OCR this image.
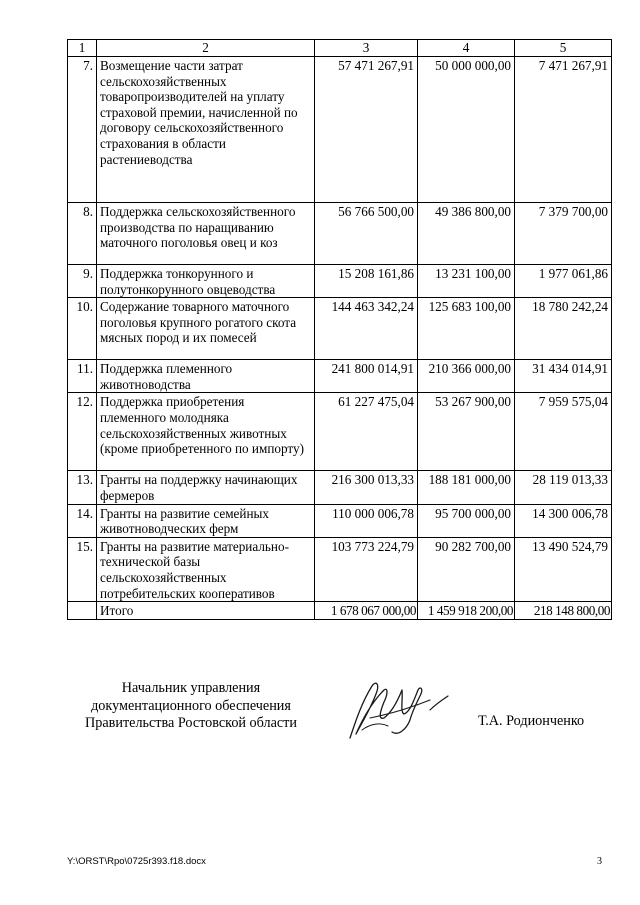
1	2	3	4	5
7.	Возмещение части затрат сельскохозяйственных товаропроизводителей на уплату страховой премии, начисленной по договору сельскохозяйственного страхования в области растениеводства	57 471 267,91	50 000 000,00	7 471 267,91
8.	Поддержка сельскохозяйственного производства по наращиванию маточного поголовья овец и коз	56 766 500,00	49 386 800,00	7 379 700,00
9.	Поддержка тонкорунного и полутонкорунного овцеводства	15 208 161,86	13 231 100,00	1 977 061,86
10.	Содержание товарного маточного поголовья крупного рогатого скота мясных пород и их помесей	144 463 342,24	125 683 100,00	18 780 242,24
11.	Поддержка племенного животноводства	241 800 014,91	210 366 000,00	31 434 014,91
12.	Поддержка приобретения племенного молодняка сельскохозяйственных животных (кроме приобретенного по импорту)	61 227 475,04	53 267 900,00	7 959 575,04
13.	Гранты на поддержку начинающих фермеров	216 300 013,33	188 181 000,00	28 119 013,33
14.	Гранты на развитие семейных животноводческих ферм	110 000 006,78	95 700 000,00	14 300 006,78
15.	Гранты на развитие материально-технической базы сельскохозяйственных потребительских кооперативов	103 773 224,79	90 282 700,00	13 490 524,79
	Итого	1 678 067 000,00	1 459 918 200,00	218 148 800,00
Начальник управления
документационного обеспечения
Правительства Ростовской области	Т.А. Родионченко
Y:\ORST\Rpo\0725r393.f18.docx	3
